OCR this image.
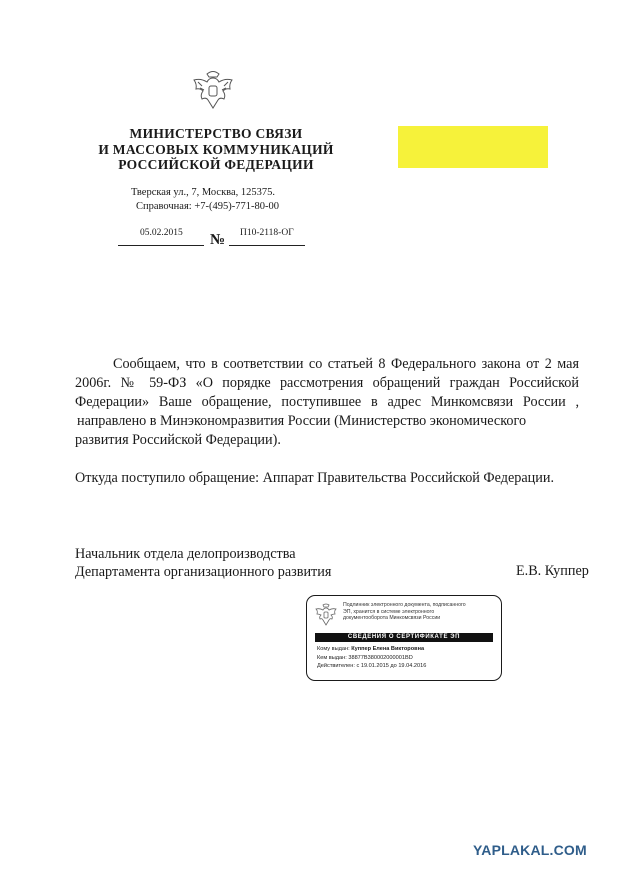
МИНИСТЕРСТВО СВЯЗИ
И МАССОВЫХ КОММУНИКАЦИЙ
РОССИЙСКОЙ ФЕДЕРАЦИИ
Тверская ул., 7, Москва, 125375.
Справочная: +7-(495)-771-80-00
05.02.2015 № П10-2118-ОГ
Сообщаем, что в соответствии со статьей 8 Федерального закона от 2 мая
2006г. № 59-ФЗ «О порядке рассмотрения обращений граждан Российской
Федерации» Ваше обращение, поступившее в адрес Минкомсвязи России ,
направлено в Минэкономразвития России (Министерство экономического
развития Российской Федерации).
Откуда поступило обращение: Аппарат Правительства Российской Федерации.
Начальник отдела делопроизводства
Департамента организационного развития	Е.В. Куппер
Подлинник электронного документа, подписанного
ЭП, хранится в системе электронного
документооборота Минкомсвязи России
СВЕДЕНИЯ О СЕРТИФИКАТЕ ЭП
Кому выдан: Куппер Елена Викторовна
Кем выдан: 38877B380002000001BD
Действителен: с 19.01.2015 до 19.04.2016
YAPLAKAL.COM
